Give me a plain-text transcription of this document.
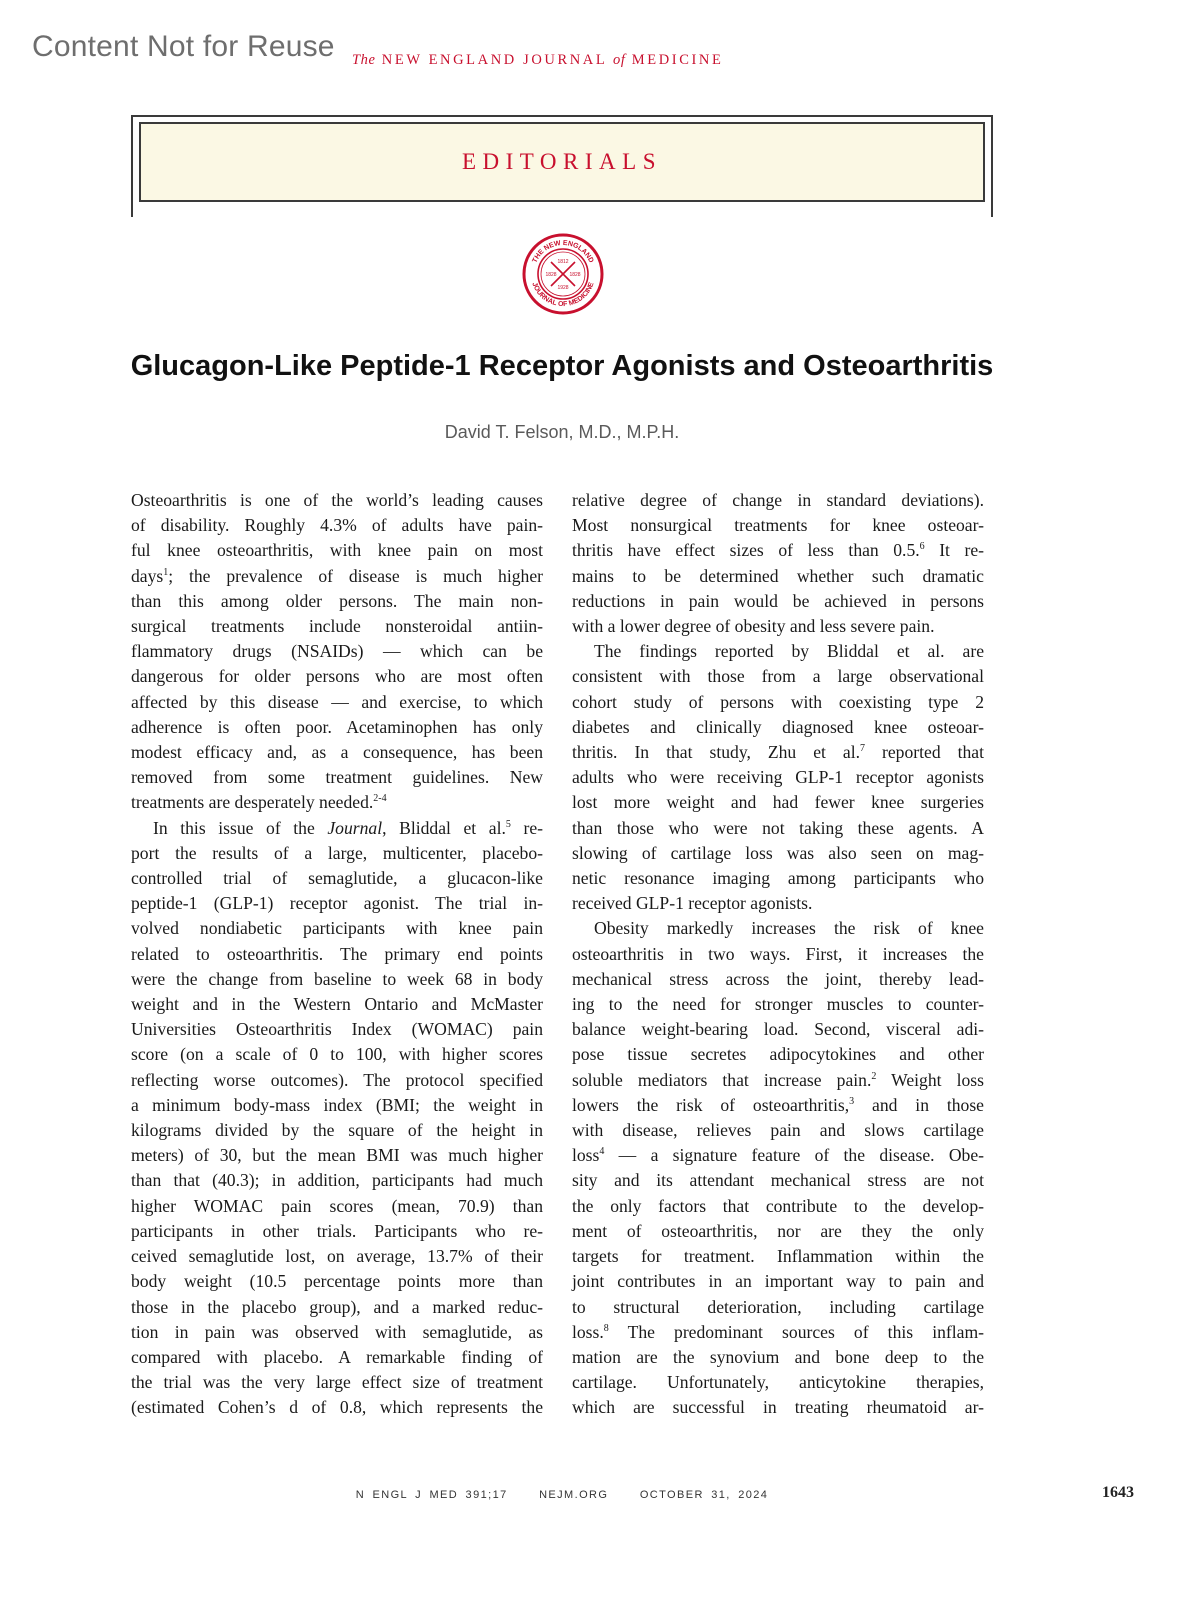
Content Not for Reuse The NEW ENGLAND JOURNAL of MEDICINE
EDITORIALS
THE NEW ENGLAND
JOURNAL OF MEDICINE
1812
1828	1828
1928
Glucagon-Like Peptide-1 Receptor Agonists and Osteoarthritis
David T. Felson, M.D., M.P.H.
Osteoarthritis is one of the world’s leading causes
of disability. Roughly 4.3% of adults have pain-
ful knee osteoarthritis, with knee pain on most
days$^1$; the prevalence of disease is much higher
than this among older persons. The main non-
surgical treatments include nonsteroidal antiin-
flammatory drugs (NSAIDs) — which can be
dangerous for older persons who are most often
affected by this disease — and exercise, to which
adherence is often poor. Acetaminophen has only
modest efficacy and, as a consequence, has been
removed from some treatment guidelines. New
treatments are desperately needed.$^{2-4}$
In this issue of the Journal, Bliddal et al.$^5$ re-
port the results of a large, multicenter, placebo-
controlled trial of semaglutide, a glucacon-like
peptide-1 (GLP-1) receptor agonist. The trial in-
volved nondiabetic participants with knee pain
related to osteoarthritis. The primary end points
were the change from baseline to week 68 in body
weight and in the Western Ontario and McMaster
Universities Osteoarthritis Index (WOMAC) pain
score (on a scale of 0 to 100, with higher scores
reflecting worse outcomes). The protocol specified
a minimum body-mass index (BMI; the weight in
kilograms divided by the square of the height in
meters) of 30, but the mean BMI was much higher
than that (40.3); in addition, participants had much
higher WOMAC pain scores (mean, 70.9) than
participants in other trials. Participants who re-
ceived semaglutide lost, on average, 13.7% of their
body weight (10.5 percentage points more than
those in the placebo group), and a marked reduc-
tion in pain was observed with semaglutide, as
compared with placebo. A remarkable finding of
the trial was the very large effect size of treatment
(estimated Cohen’s d of 0.8, which represents the
relative degree of change in standard deviations).
Most nonsurgical treatments for knee osteoar-
thritis have effect sizes of less than 0.5.$^6$ It re-
mains to be determined whether such dramatic
reductions in pain would be achieved in persons
with a lower degree of obesity and less severe pain.
The findings reported by Bliddal et al. are
consistent with those from a large observational
cohort study of persons with coexisting type 2
diabetes and clinically diagnosed knee osteoar-
thritis. In that study, Zhu et al.$^7$ reported that
adults who were receiving GLP-1 receptor agonists
lost more weight and had fewer knee surgeries
than those who were not taking these agents. A
slowing of cartilage loss was also seen on mag-
netic resonance imaging among participants who
received GLP-1 receptor agonists.
Obesity markedly increases the risk of knee
osteoarthritis in two ways. First, it increases the
mechanical stress across the joint, thereby lead-
ing to the need for stronger muscles to counter-
balance weight-bearing load. Second, visceral adi-
pose tissue secretes adipocytokines and other
soluble mediators that increase pain.$^2$ Weight loss
lowers the risk of osteoarthritis,$^3$ and in those
with disease, relieves pain and slows cartilage
loss$^4$ — a signature feature of the disease. Obe-
sity and its attendant mechanical stress are not
the only factors that contribute to the develop-
ment of osteoarthritis, nor are they the only
targets for treatment. Inflammation within the
joint contributes in an important way to pain and
to structural deterioration, including cartilage
loss.$^8$ The predominant sources of this inflam-
mation are the synovium and bone deep to the
cartilage. Unfortunately, anticytokine therapies,
which are successful in treating rheumatoid ar-
N ENGL J MED 391;17	NEJM.ORG	OCTOBER 31, 2024	1643
